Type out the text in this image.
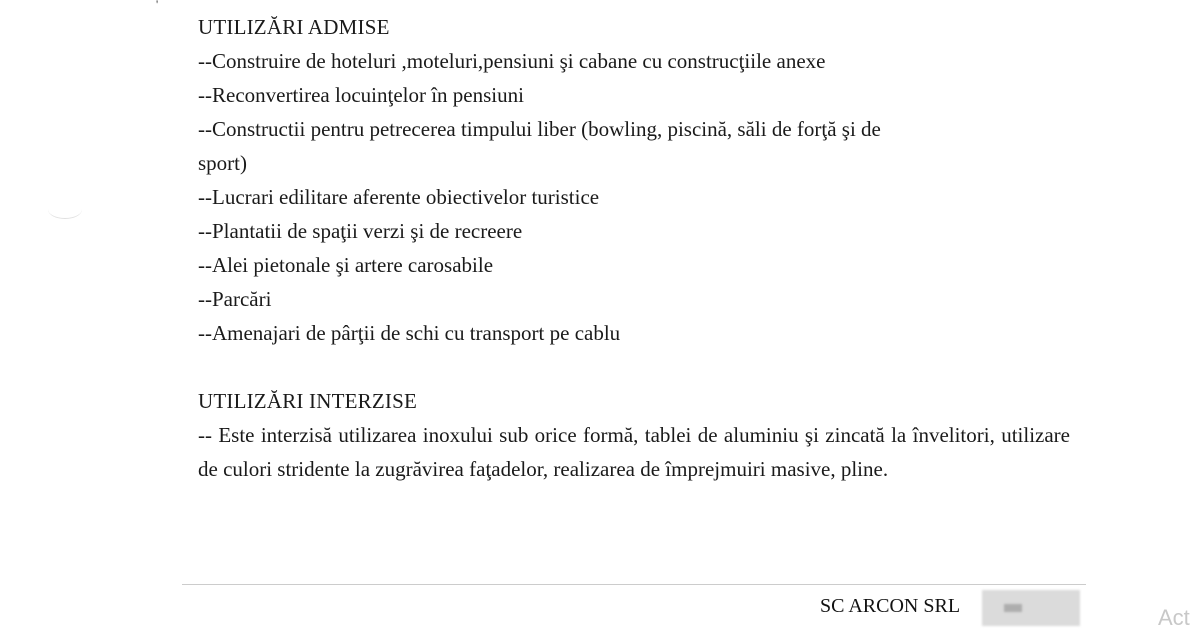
'
UTILIZĂRI ADMISE

--Construire de hoteluri ,moteluri,pensiuni şi cabane cu construcţiile anexe

--Reconvertirea locuinţelor în pensiuni

--Constructii pentru petrecerea timpului liber (bowling, piscină, săli de forţă şi de

sport)

--Lucrari edilitare aferente obiectivelor turistice

--Plantatii de spaţii verzi şi de recreere

--Alei pietonale şi artere carosabile

--Parcări

--Amenajari de pârţii de schi cu transport pe cablu

UTILIZĂRI INTERZISE

-- Este interzisă utilizarea inoxului sub orice formă, tablei de aluminiu şi zincată la învelitori, utilizare de culori stridente la zugrăvirea faţadelor, realizarea de împrejmuiri masive, pline.

SC ARCON SRL	Act
